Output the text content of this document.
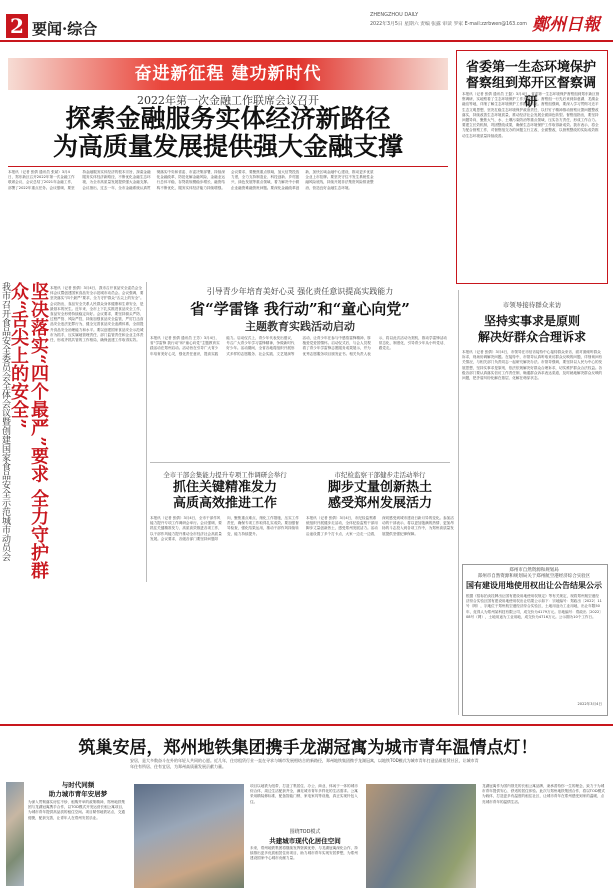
2 要闻·综合
ZHENGZHOU DAILY
2022年3月5日 星期六 责编 张露 审读 罗家 E-mail:zzrbwen@163.com 鄭州日報
奋进新征程 建功新时代
2022年第一次金融工作联席会议召开
探索金融服务实体经济新路径
为高质量发展提供强大金融支撑
本报讯（记者 张倩 通讯员 张斌）3月4日，郑东新区召开2022年第一次金融工作联席会议，会议总结了2021年金融工作，部署了2022年重点任务。会议强调，要坚持金融服务实体经济的根本宗旨，探索金融服务实体经济新路径，不断优化金融生态环境，为全市高质量发展提供强大金融支撑。会议指出，过去一年，全市金融系统认真贯彻落实中央和省委、市委决策部署，持续深化金融改革，防范化解金融风险，金融业运行总体平稳，存贷款规模稳步增长，融资结构不断优化，服务实体经济能力持续增强。会议要求，要聚焦重点领域，加大信贷投放力度，全力支持制造业、科技创新、乡村振兴、绿色发展等重点领域，着力解决中小微企业融资难融资贵问题。要深化金融改革创新，加快区域金融中心建设，推动更多优质企业上市挂牌。要坚决守住不发生系统性金融风险底线，持续开展非法集资风险排查整治，营造良好金融生态环境。
我市召开食品安全委员会全体会议暨创建国家食品安全示范城市动员会	坚决落实“四个最严”要求 全力守护群众“舌尖上的安全”	本报讯（记者 张倩）3月4日，我市召开食品安全委员会全体会议暨创建国家食品安全示范城市动员会。会议强调，要坚决落实“四个最严”要求，全力守护群众“舌尖上的安全”。会议指出，食品安全关系人民群众身体健康和生命安全，是最基本的民生。近年来，全市上下扎实推进食品安全工作，食品安全形势持续稳定向好。会议要求，要坚持源头严防、过程严管、风险严控，持续加强食品安全监管，严厉打击食品安全违法犯罪行为，健全完善食品安全追溯体系，全面提升食品安全治理能力和水平。要以创建国家食品安全示范城市为抓手，压实属地管理责任、部门监管责任和企业主体责任，形成齐抓共管的工作格局，确保创建工作取得实效。
省委第一生态环境保护
督察组到郑开区督察调研
本报讯（记者 张倩 通讯员 王磊）3月4日，省委第一生态环境保护督察组到郑东新区督察调研，实地察看了生态环境保护工作开展情况。督察组一行先后来到如意湖、龙湖金融岛等地，详细了解生态环境保护工作推进情况。督察组强调，要深入学习贯彻习近平生态文明思想，坚决扛稳生态环境保护政治责任，以钉钉子精神推动督察反馈问题整改落实，持续改善生态环境质量，推动经济社会发展全面绿色转型。督察组指出，要坚持问题导向，聚焦大气、水、土壤污染防治等重点领域，压实各方责任，形成工作合力。要建立长效机制，巩固整改成果，确保生态环境保护工作取得新成效。我市表示，将全力配合督察工作，对督察组交办的问题立行立改、全面整改，以督察整改的实际成效推动生态环境质量持续改善。
引导青少年培育美好心灵 强化责任意识提高实践能力
省“学雷锋 我行动”和“童心向党”
主题教育实践活动启动
本报讯（记者 张倩 通讯员 王芳）3月4日，省“学雷锋 我行动”和“童心向党”主题教育实践活动在郑州启动。活动旨在引导广大青少年培育美好心灵，强化责任意识，提高实践能力。启动仪式上，青少年代表发出倡议，号召广大青少年学习雷锋精神，争做新时代好少年。活动期间，全省各地将组织开展形式多样的志愿服务、社会实践、文艺展演等活动，让青少年在参与中感悟雷锋精神，厚植爱党爱国情怀。启动仪式后，与会人员观看了青少年学雷锋志愿服务成果展示，并为优秀志愿服务项目颁发证书。相关负责人表示，将以此次活动为契机，推动学雷锋活动常态化、制度化，引导青少年从小听党话、跟党走。
全市干部会集能力提升专项工作调研会举行
抓住关键精准发力
高质高效推进工作
本报讯（记者 张倩）3月4日，全市干部作风能力提升专项工作调研会举行。会议强调，要抓住关键精准发力，高质高效推进各项工作，以干部作风能力提升推动全市经济社会高质量发展。会议要求，各级各部门要坚持问题导向，聚焦重点难点，细化工作措施，压实工作责任，确保专项工作取得扎实成效。要加强督导检查，强化结果运用，推动干部作风持续转变，能力持续提升。
市纪检监察干部健步走活动举行
脚步丈量创新热土
感受郑州发展活力
本报讯（记者 张倩）3月4日，市纪检监察系统组织开展健步走活动，全体纪检监察干部用脚步丈量创新热土，感受郑州发展活力。活动沿途设置了多个打卡点，大家一边走一边看，深切感受到城市建设日新月异的变化。参加活动的干部表示，将以更加饱满的热情、更加昂扬的斗志投入到各项工作中，为郑州高质量发展提供坚强纪律保障。
市领导接待群众来访
坚持实事求是原则
解决好群众合理诉求
本报讯（记者 张倩）3月4日，市领导在市信访接待中心接待群众来访，面对面倾听群众诉求，现场协调解决问题。在接待中，市领导认真听取来访群众反映的问题，详细询问有关情况，与相关部门负责同志一起研究解决办法。市领导强调，要坚持以人民为中心的发展思想，坚持实事求是原则，依法依规解决好群众合理诉求，切实维护群众合法权益。各级各部门要认真落实信访工作责任制，畅通群众诉求表达渠道，及时就地解决群众反映的问题，把矛盾纠纷化解在基层、化解在萌芽状态。
郑州市自然资源和规划局
郑州市自然资源和规划局关于郑州航空港经济综合实验区
国有建设用地使用权出让公告结果公示
根据《招标拍卖挂牌出让国有建设用地使用权规定》等有关规定，现将郑州航空港经济综合实验区国有建设用地使用权出让结果公示如下：宗地编号：郑政出〔2022〕11号（网），宗地位于郑州航空港经济综合实验区，土地用途为工业用地，出让年限50年，竞得人为郑州某科技有限公司，成交价为4179万元。宗地编号：郑政出〔2022〕08号（网），土地用途为工业用地，成交价为4716万元。公示期为10个工作日。
2022年3月4日
筑巢安居，郑州地铁集团携手龙湖冠寓为城市青年温情点灯！
安居，是大多数奋斗在外的年轻人共同的心愿。近几年，住房租赁行业一直在寻求与城市发展相结合的新路径，郑州地铁集团携手龙湖冠寓，以地铁TOD模式为城市青年打造品质租赁社区，让城市青年住有所居、住有宜居，为郑州高质量发展贡献力量。
与时代同频
助力城市青年安居梦
为深入贯彻落实房住不炒、租购并举的政策精神，郑州地铁集团与龙湖冠寓携手合作，以TOD模式开发运营长租公寓项目，为城市青年提供高品质的租住空间。项目紧邻地铁站点，交通便捷，配套完善，让青年人在郑州安居乐业。
项目以地铁为纽带，打造了集居住、办公、商业、休闲于一体的城市综合体，周边生活配套齐全，满足城市青年多样化的生活需求。公寓采用精装修标准，配备智能门锁、家电家具等设施，真正实现拎包入住。
围绕TOD模式
共建城市现代化居住空间
未来，郑州地铁集团将继续发挥资源优势，与龙湖冠寓深化合作，持续推出更多优质租赁住房项目，助力城市青年实现安居梦想，为郑州建设国家中心城市贡献力量。
龙湖冠寓作为国内领先的长租公寓品牌，秉承善待你一生的理念，致力于为城市青年提供安心、舒适的居住体验。此次与郑州地铁集团合作，将以TOD模式为载体，打造更多有温度的租住社区，让城市青年在郑州感受到家的温暖，点亮城市青年的温情生活。
